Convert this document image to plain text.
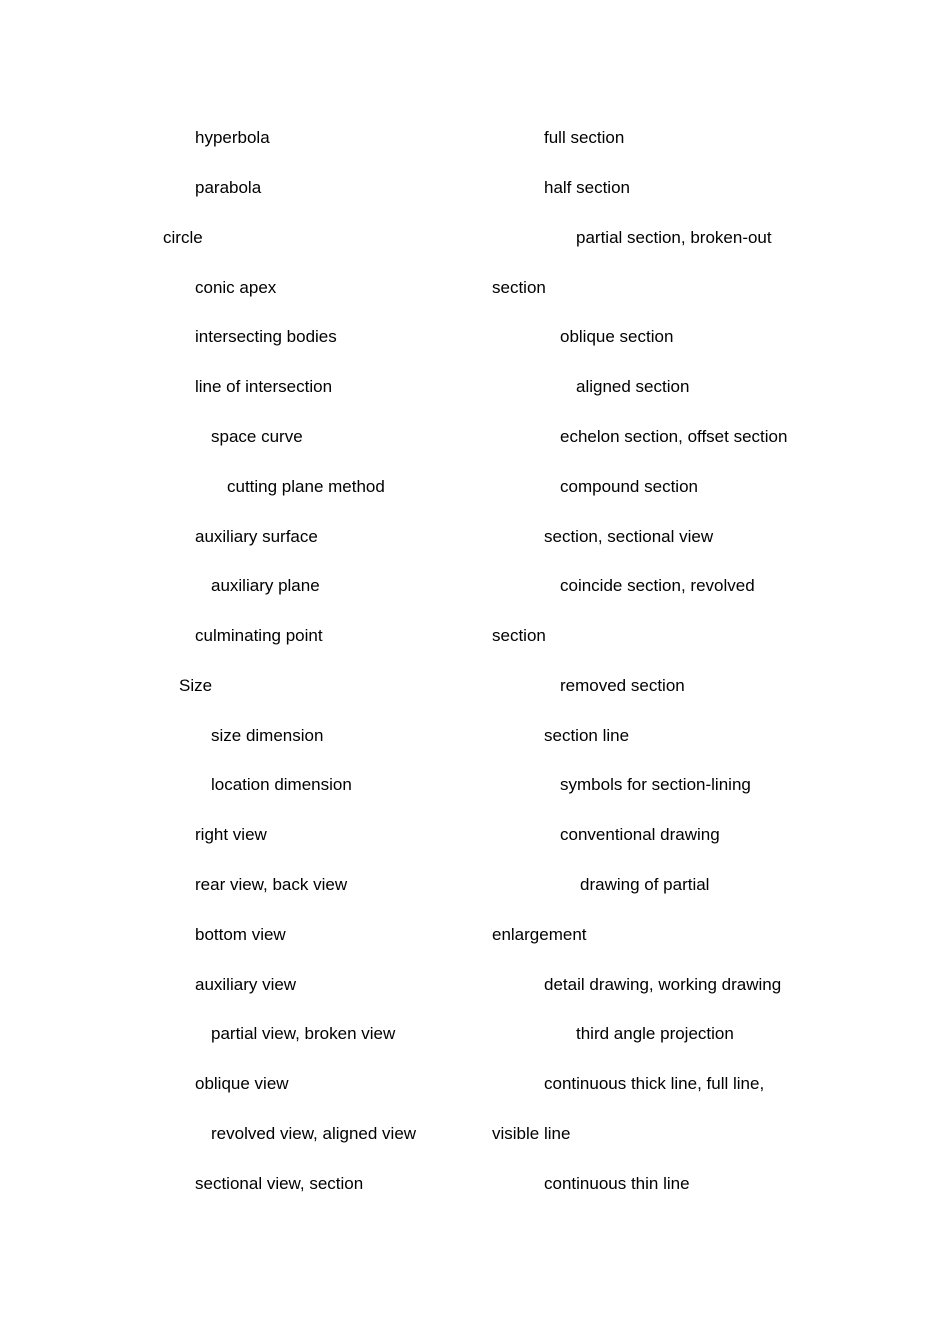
hyperbola
parabola
circle
conic apex
intersecting bodies
line of intersection
space curve
cutting plane method
auxiliary surface
auxiliary plane
culminating point
Size
size dimension
location dimension
right view
rear view, back view
bottom view
auxiliary view
partial view, broken view
oblique view
revolved view, aligned view
sectional view, section
full section
half section
partial section, broken-out
section
oblique section
aligned section
echelon section, offset section
compound section
section, sectional view
coincide section, revolved
section
removed section
section line
symbols for section-lining
conventional drawing
drawing of partial
enlargement
detail drawing, working drawing
third angle projection
continuous thick line, full line,
visible line
continuous thin line
